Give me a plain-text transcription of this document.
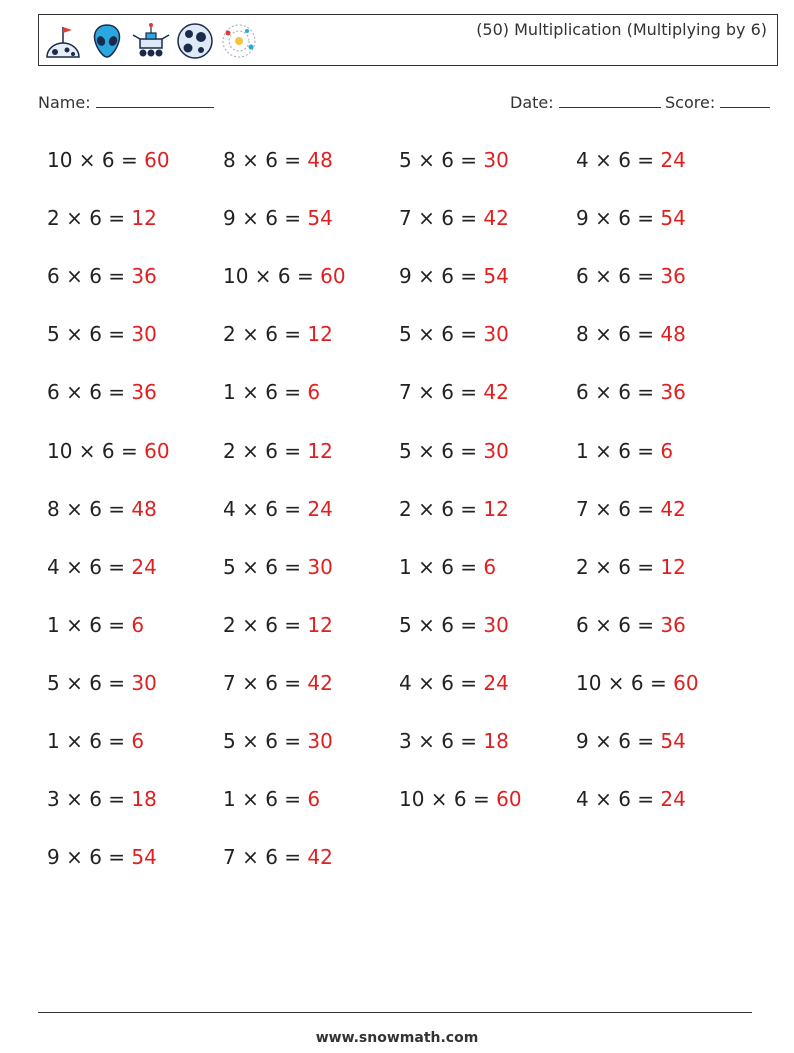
(50) Multiplication (Multiplying by 6)
Name:	Date:	Score:
10 × 6 = 60	8 × 6 = 48	5 × 6 = 30	4 × 6 = 24
2 × 6 = 12	9 × 6 = 54	7 × 6 = 42	9 × 6 = 54
6 × 6 = 36	10 × 6 = 60	9 × 6 = 54	6 × 6 = 36
5 × 6 = 30	2 × 6 = 12	5 × 6 = 30	8 × 6 = 48
6 × 6 = 36	1 × 6 = 6	7 × 6 = 42	6 × 6 = 36
10 × 6 = 60	2 × 6 = 12	5 × 6 = 30	1 × 6 = 6
8 × 6 = 48	4 × 6 = 24	2 × 6 = 12	7 × 6 = 42
4 × 6 = 24	5 × 6 = 30	1 × 6 = 6	2 × 6 = 12
1 × 6 = 6	2 × 6 = 12	5 × 6 = 30	6 × 6 = 36
5 × 6 = 30	7 × 6 = 42	4 × 6 = 24	10 × 6 = 60
1 × 6 = 6	5 × 6 = 30	3 × 6 = 18	9 × 6 = 54
3 × 6 = 18	1 × 6 = 6	10 × 6 = 60	4 × 6 = 24
9 × 6 = 54	7 × 6 = 42
www.snowmath.com
